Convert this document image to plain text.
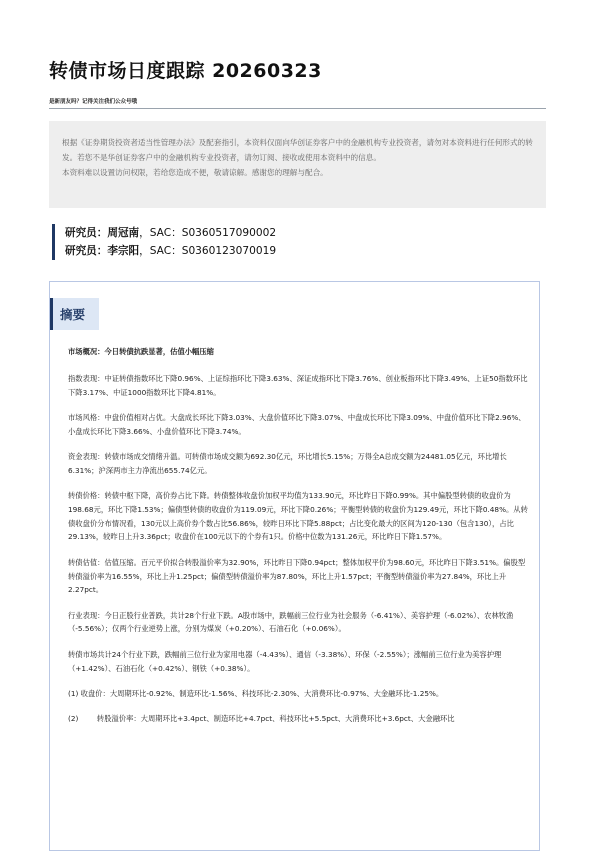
转债市场日度跟踪 20260323
是新朋友吗？记得关注我们公众号哦

根据《证券期货投资者适当性管理办法》及配套指引，本资料仅面向华创证券客户中的金融机构专业投资者，请勿对本资料进行任何形式的转发。若您不是华创证券客户中的金融机构专业投资者，请勿订阅、接收或使用本资料中的信息。

本资料难以设置访问权限，若给您造成不便，敬请谅解。感谢您的理解与配合。

研究员：周冠南，SAC：S0360517090002
研究员：李宗阳，SAC：S0360123070019
摘要

市场概况：今日转债抗跌显著，估值小幅压缩

指数表现：中证转债指数环比下降0.96%、上证综指环比下降3.63%、深证成指环比下降3.76%、创业板指环比下降3.49%、上证50指数环比下降3.17%、中证1000指数环比下降4.81%。

市场风格：中盘价值相对占优。大盘成长环比下降3.03%、大盘价值环比下降3.07%、中盘成长环比下降3.09%、中盘价值环比下降2.96%、小盘成长环比下降3.66%、小盘价值环比下降3.74%。

资金表现：转债市场成交情绪升温。可转债市场成交额为692.30亿元，环比增长5.15%；万得全A总成交额为24481.05亿元，环比增长6.31%；沪深两市主力净流出655.74亿元。

转债价格：转债中枢下降，高价券占比下降。转债整体收盘价加权平均值为133.90元，环比昨日下降0.99%。其中偏股型转债的收盘价为198.68元，环比下降1.53%；偏债型转债的收盘价为119.09元，环比下降0.26%；平衡型转债的收盘价为129.49元，环比下降0.48%。从转债收盘价分布情况看，130元以上高价券个数占比56.86%，较昨日环比下降5.88pct；占比变化最大的区间为120-130（包含130），占比29.13%，较昨日上升3.36pct；收盘价在100元以下的个券有1只。价格中位数为131.26元，环比昨日下降1.57%。

转债估值：估值压缩。百元平价拟合转股溢价率为32.90%，环比昨日下降0.94pct；整体加权平价为98.60元，环比昨日下降3.51%。偏股型转债溢价率为16.55%，环比上升1.25pct；偏债型转债溢价率为87.80%，环比上升1.57pct；平衡型转债溢价率为27.84%，环比上升2.27pct。

行业表现：今日正股行业普跌，共计28个行业下跌。A股市场中，跌幅前三位行业为社会服务（-6.41%）、美容护理（-6.02%）、农林牧渔（-5.56%）；仅两个行业逆势上涨，分别为煤炭（+0.20%）、石油石化（+0.06%）。

转债市场共计24个行业下跌，跌幅前三位行业为家用电器（-4.43%）、通信（-3.38%）、环保（-2.55%）；涨幅前三位行业为美容护理（+1.42%）、石油石化（+0.42%）、钢铁（+0.38%）。

(1) 收盘价：大周期环比-0.92%、制造环比-1.56%、科技环比-2.30%、大消费环比-0.97%、大金融环比-1.25%。

(2)        转股溢价率：大周期环比+3.4pct、制造环比+4.7pct、科技环比+5.5pct、大消费环比+3.6pct、大金融环比
